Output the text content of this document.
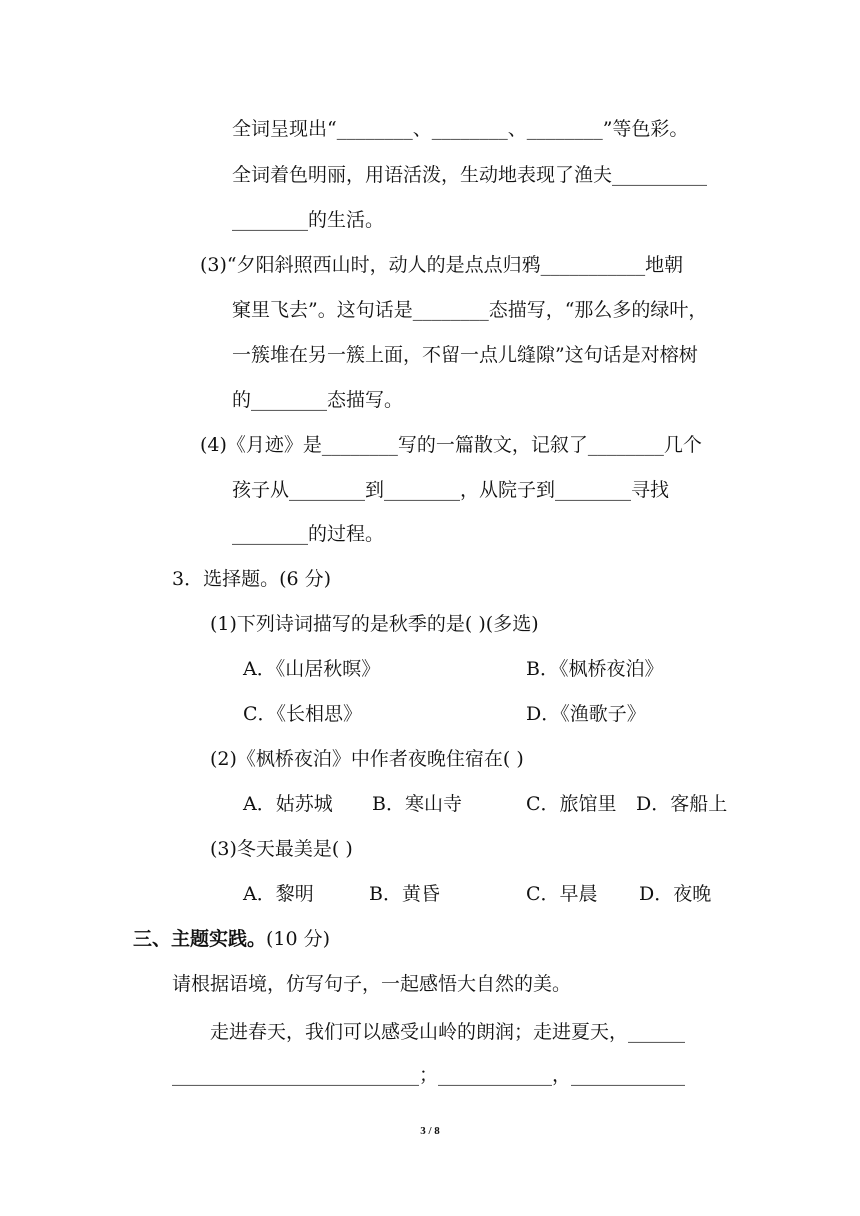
全词呈现出“________、________、________”等色彩。
全词着色明丽，用语活泼，生动地表现了渔夫__________
________的生活。
(3)“夕阳斜照西山时，动人的是点点归鸦___________地朝
窠里飞去”。这句话是________态描写，“那么多的绿叶，
一簇堆在另一簇上面，不留一点儿缝隙”这句话是对榕树
的________态描写。
(4)《月迹》是________写的一篇散文，记叙了________几个
孩子从________到________，从院子到________寻找
________的过程。
3．选择题。(6 分)
(1)下列诗词描写的是秋季的是( )(多选)
A．《山居秋暝》	B．《枫桥夜泊》
C．《长相思》	D．《渔歌子》
(2)《枫桥夜泊》中作者夜晚住宿在( )
A．姑苏城 B．寒山寺	C．旅馆里 D．客船上
(3)冬天最美是( )
A．黎明	B．黄昏	C．早晨 D．夜晚
三、主题实践。(10 分)
请根据语境，仿写句子，一起感悟大自然的美。
走进春天，我们可以感受山岭的朗润；走进夏天，______
__________________________；____________，____________
3 / 8
